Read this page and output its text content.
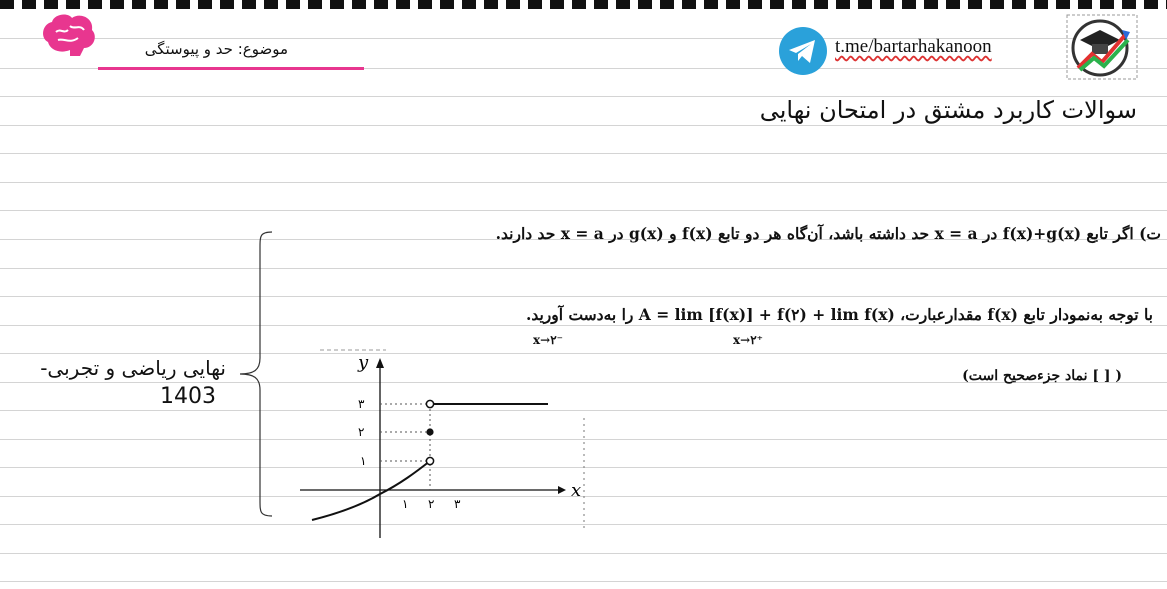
موضوع: حد و پیوستگی	t.me/bartarhakanoon
سوالات کاربرد مشتق در امتحان نهایی
ت) اگر تابع (f(x)+g(x در x = a حد داشته باشد، آن‌گاه هر دو تابع (f(x و (g(x در x = a حد دارند.
با توجه به‌نمودار تابع (f(x مقدارعبارت، A = lim [f(x)] + f(۲) + lim f(x) را به‌دست آورید.
x→۲⁻	x→۲⁺
( [ ] نماد جزءصحیح است)
نهایی ریاضی و تجربی-
1403
x
y
۳
۲
۱
۱ ۲ ۳
